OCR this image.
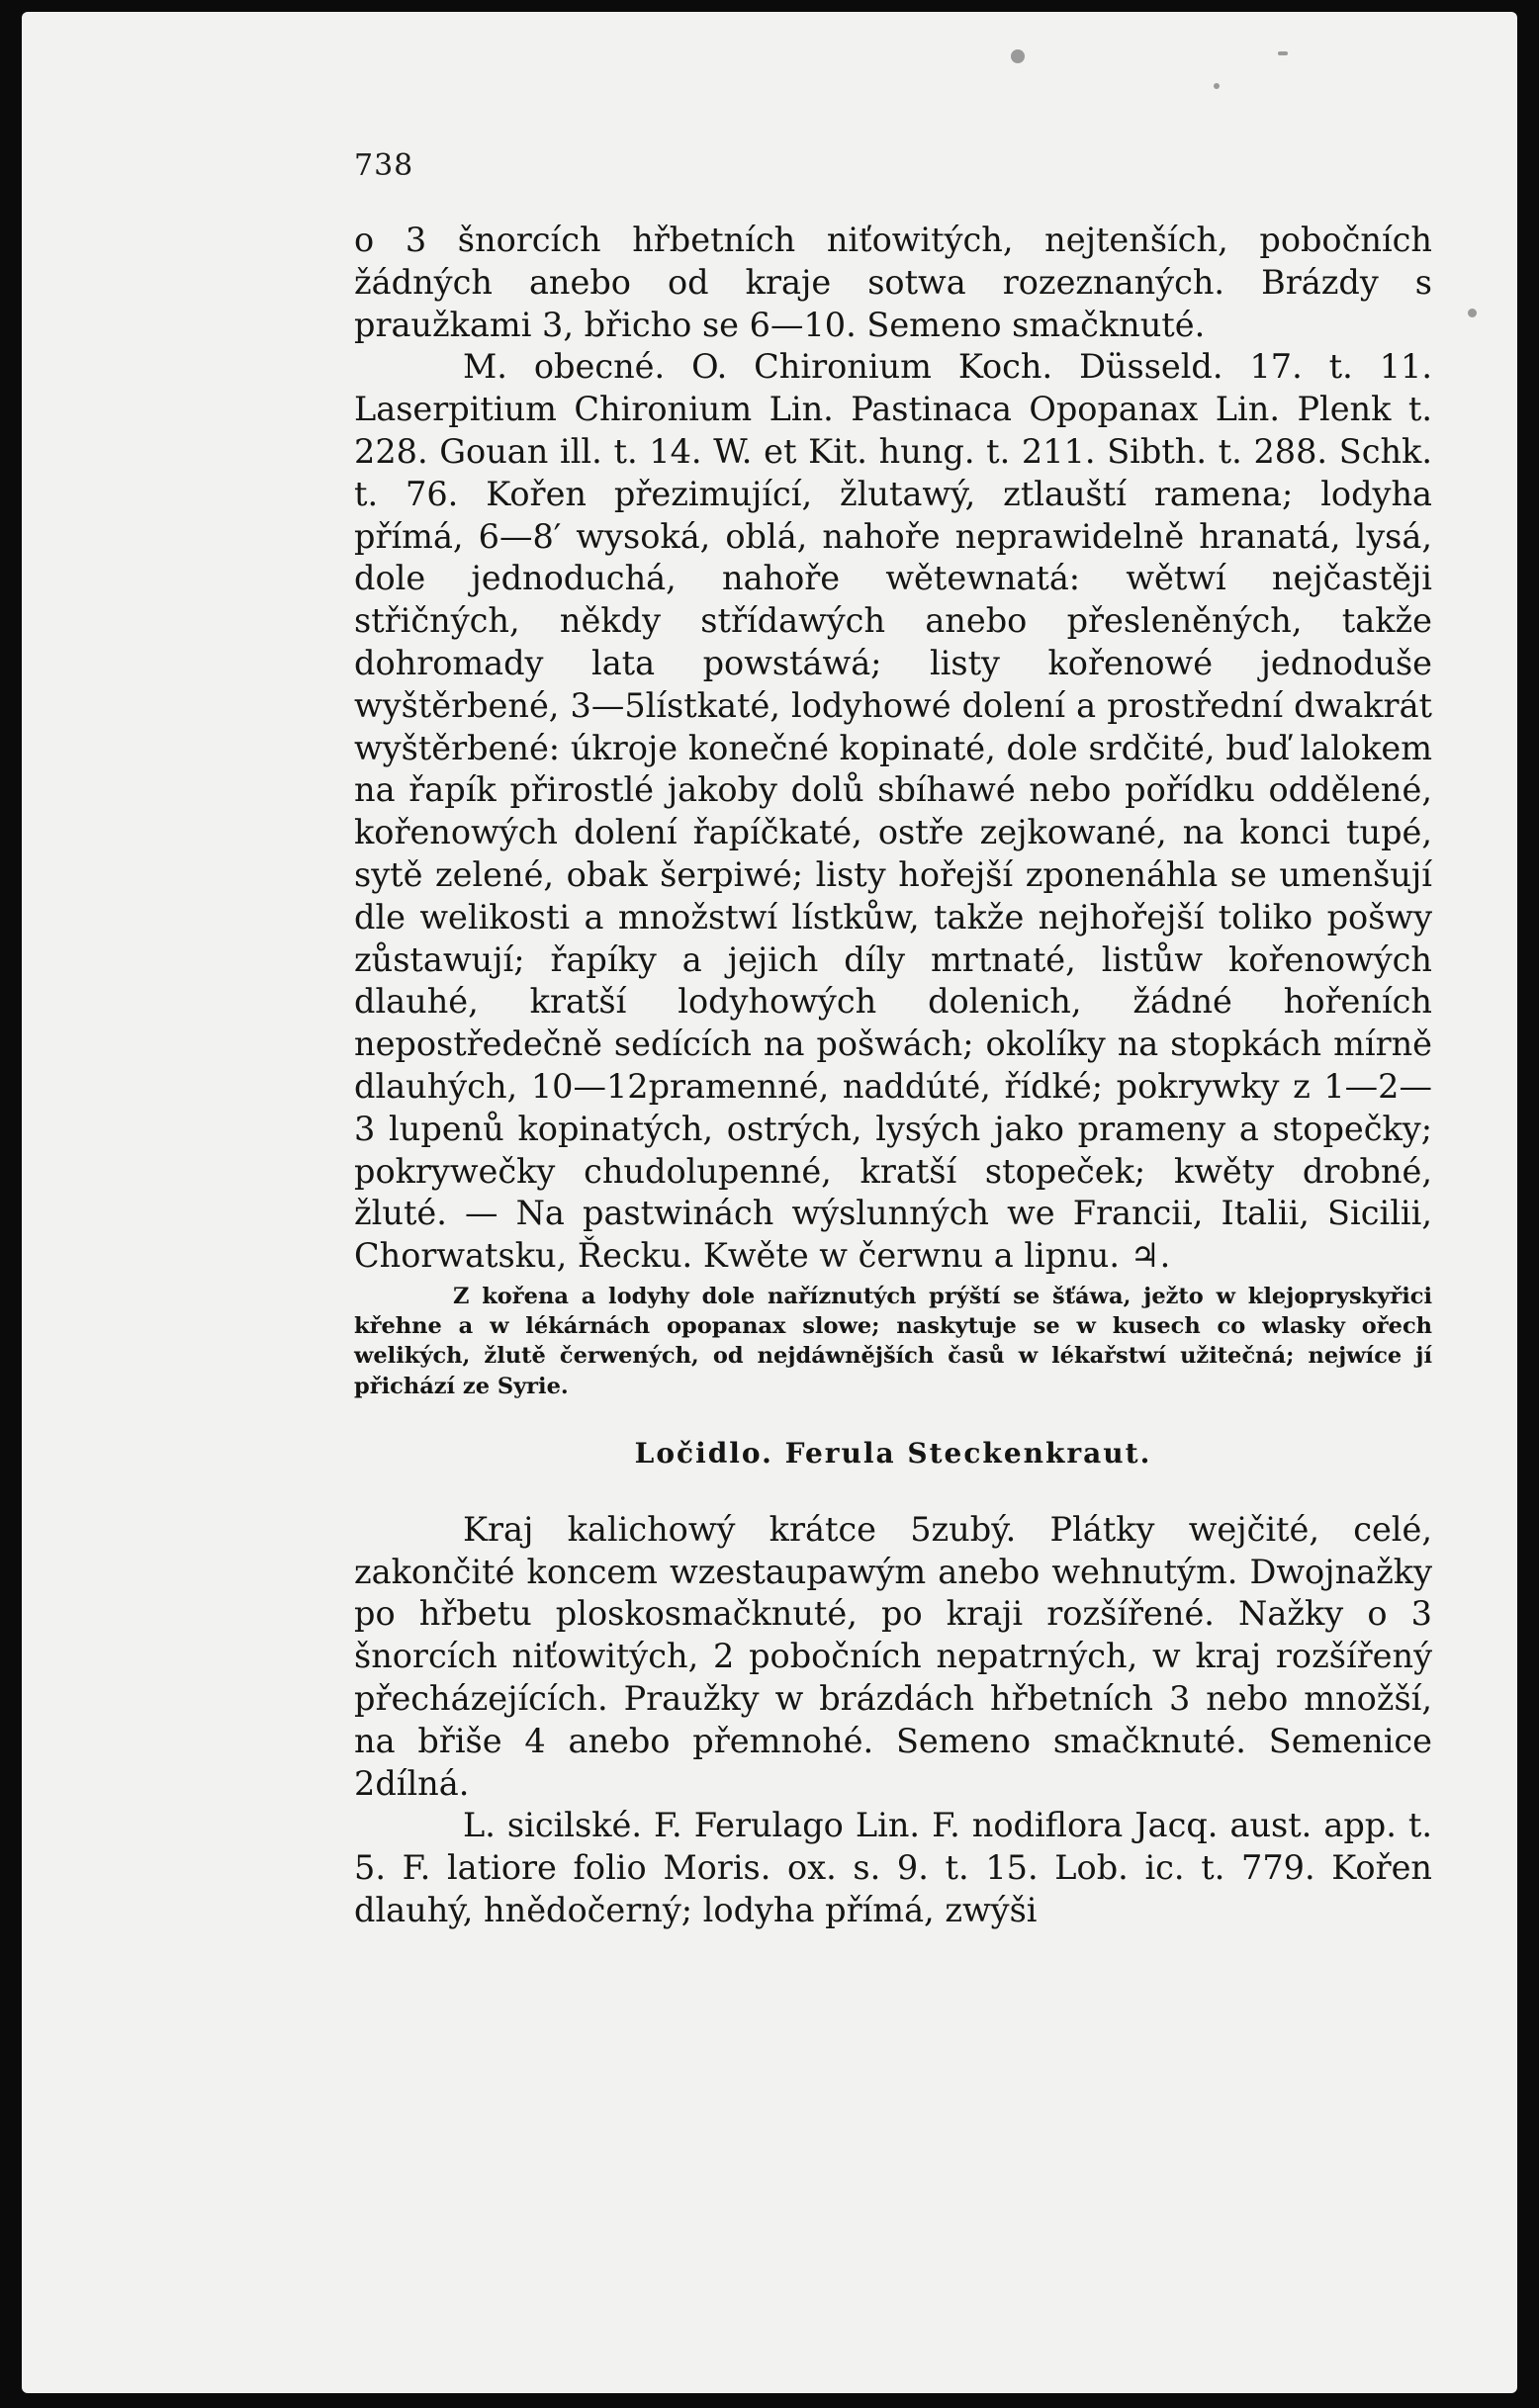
738

o 3 šnorcích hřbetních niťowitých, nejtenších, pobočních žádných anebo od kraje sotwa rozeznaných. Brázdy s praužkami 3, břicho se 6—10. Semeno smačknuté.

M. obecné. O. Chironium Koch. Düsseld. 17. t. 11. Laserpitium Chironium Lin. Pastinaca Opopanax Lin. Plenk t. 228. Gouan ill. t. 14. W. et Kit. hung. t. 211. Sibth. t. 288. Schk. t. 76. Kořen přezimující, žlutawý, ztlauští ramena; lodyha přímá, 6—8′ wysoká, oblá, nahoře neprawidelně hranatá, lysá, dole jednoduchá, nahoře wětewnatá: wětwí nejčastěji střičných, někdy střídawých anebo přesleněných, takže dohromady lata powstáwá; listy kořenowé jednoduše wyštěrbené, 3—5lístkaté, lodyhowé dolení a prostřední dwakrát wyštěrbené: úkroje konečné kopinaté, dole srdčité, buď lalokem na řapík přirostlé jakoby dolů sbíhawé nebo pořídku oddělené, kořenowých dolení řapíčkaté, ostře zejkowané, na konci tupé, sytě zelené, obak šerpiwé; listy hořejší zponenáhla se umenšují dle welikosti a množstwí lístkůw, takže nejhořejší toliko pošwy zůstawují; řapíky a jejich díly mrtnaté, listůw kořenowých dlauhé, kratší lodyhowých dolenich, žádné hořeních nepostředečně sedících na pošwách; okolíky na stopkách mírně dlauhých, 10—12pramenné, naddúté, řídké; pokrywky z 1—2—3 lupenů kopinatých, ostrých, lysých jako prameny a stopečky; pokrywečky chudolupenné, kratší stopeček; kwěty drobné, žluté. — Na pastwinách wýslunných we Francii, Italii, Sicilii, Chorwatsku, Řecku. Kwěte w čerwnu a lipnu. ♃.

Z kořena a lodyhy dole naříznutých prýští se šťáwa, ježto w klejopryskyřici křehne a w lékárnách opopanax slowe; naskytuje se w kusech co wlasky ořech welikých, žlutě čerwených, od nejdáwnějších časů w lékařstwí užitečná; nejwíce jí přichází ze Syrie.

Ločidlo. Ferula Steckenkraut.

Kraj kalichowý krátce 5zubý. Plátky wejčité, celé, zakončité koncem wzestaupawým anebo wehnutým. Dwojnažky po hřbetu ploskosmačknuté, po kraji rozšířené. Nažky o 3 šnorcích niťowitých, 2 pobočních nepatrných, w kraj rozšířený přecházejících. Praužky w brázdách hřbetních 3 nebo množší, na břiše 4 anebo přemnohé. Semeno smačknuté. Semenice 2dílná.

L. sicilské. F. Ferulago Lin. F. nodiflora Jacq. aust. app. t. 5. F. latiore folio Moris. ox. s. 9. t. 15. Lob. ic. t. 779. Kořen dlauhý, hnědočerný; lodyha přímá, zwýši
